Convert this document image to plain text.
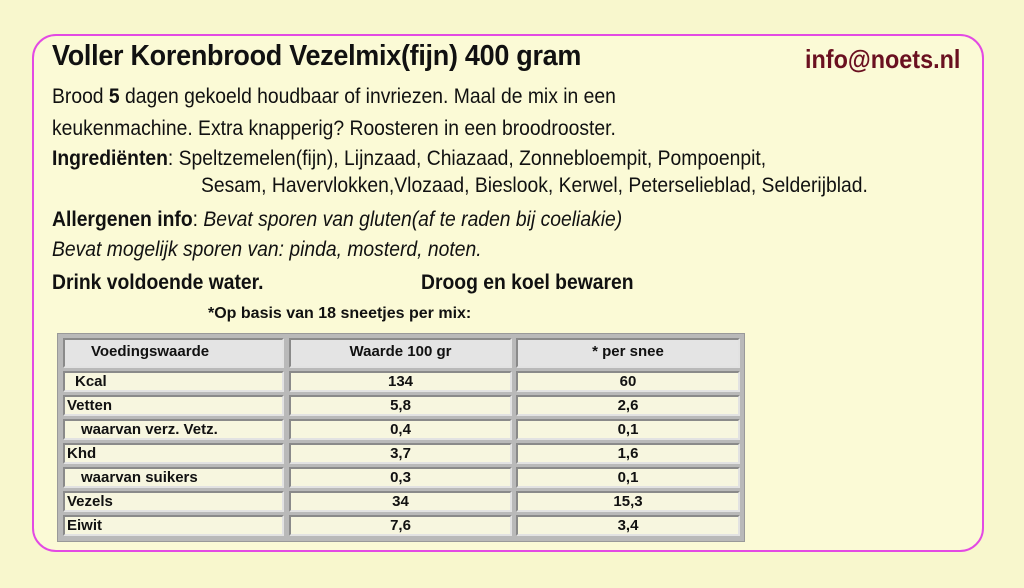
Voller Korenbrood Vezelmix(fijn) 400 gram	info@noets.nl
Brood 5 dagen gekoeld houdbaar of invriezen. Maal de mix in een
keukenmachine. Extra knapperig? Roosteren in een broodrooster.
Ingrediënten: Speltzemelen(fijn), Lijnzaad, Chiazaad, Zonnebloempit, Pompoenpit,
Sesam, Havervlokken,Vlozaad, Bieslook, Kerwel, Peterselieblad, Selderijblad.
Allergenen info: Bevat sporen van gluten(af te raden bij coeliakie)
Bevat mogelijk sporen van: pinda, mosterd, noten.
Drink voldoende water.	Droog en koel bewaren
*Op basis van 18 sneetjes per mix:
Voedingswaarde	Waarde 100 gr	* per snee
Kcal	134	60
Vetten	5,8	2,6
waarvan verz. Vetz.	0,4	0,1
Khd	3,7	1,6
waarvan suikers	0,3	0,1
Vezels	34	15,3
Eiwit	7,6	3,4
